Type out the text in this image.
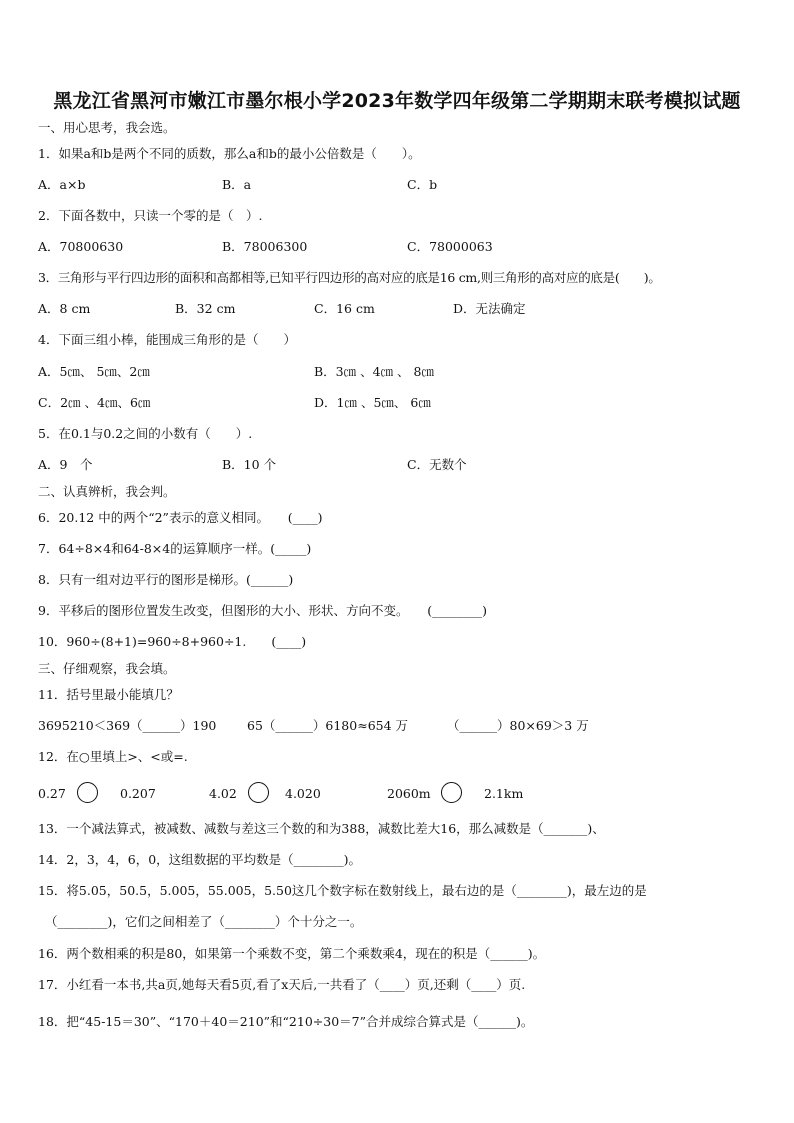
黑龙江省黑河市嫩江市墨尔根小学2023年数学四年级第二学期期末联考模拟试题
一、用心思考，我会选。
1．如果a和b是两个不同的质数，那么a和b的最小公倍数是（　　）。
A．a×b	B．a	C．b
2．下面各数中，只读一个零的是（　）.
A．70800630	B．78006300	C．78000063
3．三角形与平行四边形的面积和高都相等,已知平行四边形的高对应的底是16 cm,则三角形的高对应的底是(　　)。
A．8 cm	B．32 cm	C．16 cm	D．无法确定
4．下面三组小棒，能围成三角形的是（　　）
A．5㎝、 5㎝、2㎝	B．3㎝ 、4㎝ 、 8㎝
C．2㎝ 、4㎝、6㎝	D．1㎝ 、5㎝、 6㎝
5．在0.1与0.2之间的小数有（　　）.
A．9　个	B．10 个	C．无数个
二、认真辨析，我会判。
6．20.12 中的两个“2”表示的意义相同。　　(____)
7．64÷8×4和64-8×4的运算顺序一样。(_____)
8．只有一组对边平行的图形是梯形。(______)
9．平移后的图形位置发生改变，但图形的大小、形状、方向不变。　　(________)
10．960÷(8+1)=960÷8+960÷1.　　(____)
三、仔细观察，我会填。
11．括号里最小能填几？
3695210＜369（______）190 65（______）6180≈654 万	（______）80×69＞3 万
12．在○里填上>、<或=.
0.27	0.207	4.02	4.020	2060m	2.1km
13．一个减法算式，被减数、减数与差这三个数的和为388，减数比差大16，那么减数是（_______)、
14．2，3，4，6，0，这组数据的平均数是（________)。
15．将5.05，50.5，5.005，55.005，5.50这几个数字标在数射线上，最右边的是（________)，最左边的是
（________)，它们之间相差了（________）个十分之一。
16．两个数相乘的积是80，如果第一个乘数不变，第二个乘数乘4，现在的积是（______)。
17．小红看一本书,共a页,她每天看5页,看了x天后,一共看了（____）页,还剩（____）页.
18．把“45-15＝30”、“170＋40＝210”和“210÷30＝7”合并成综合算式是（______)。
